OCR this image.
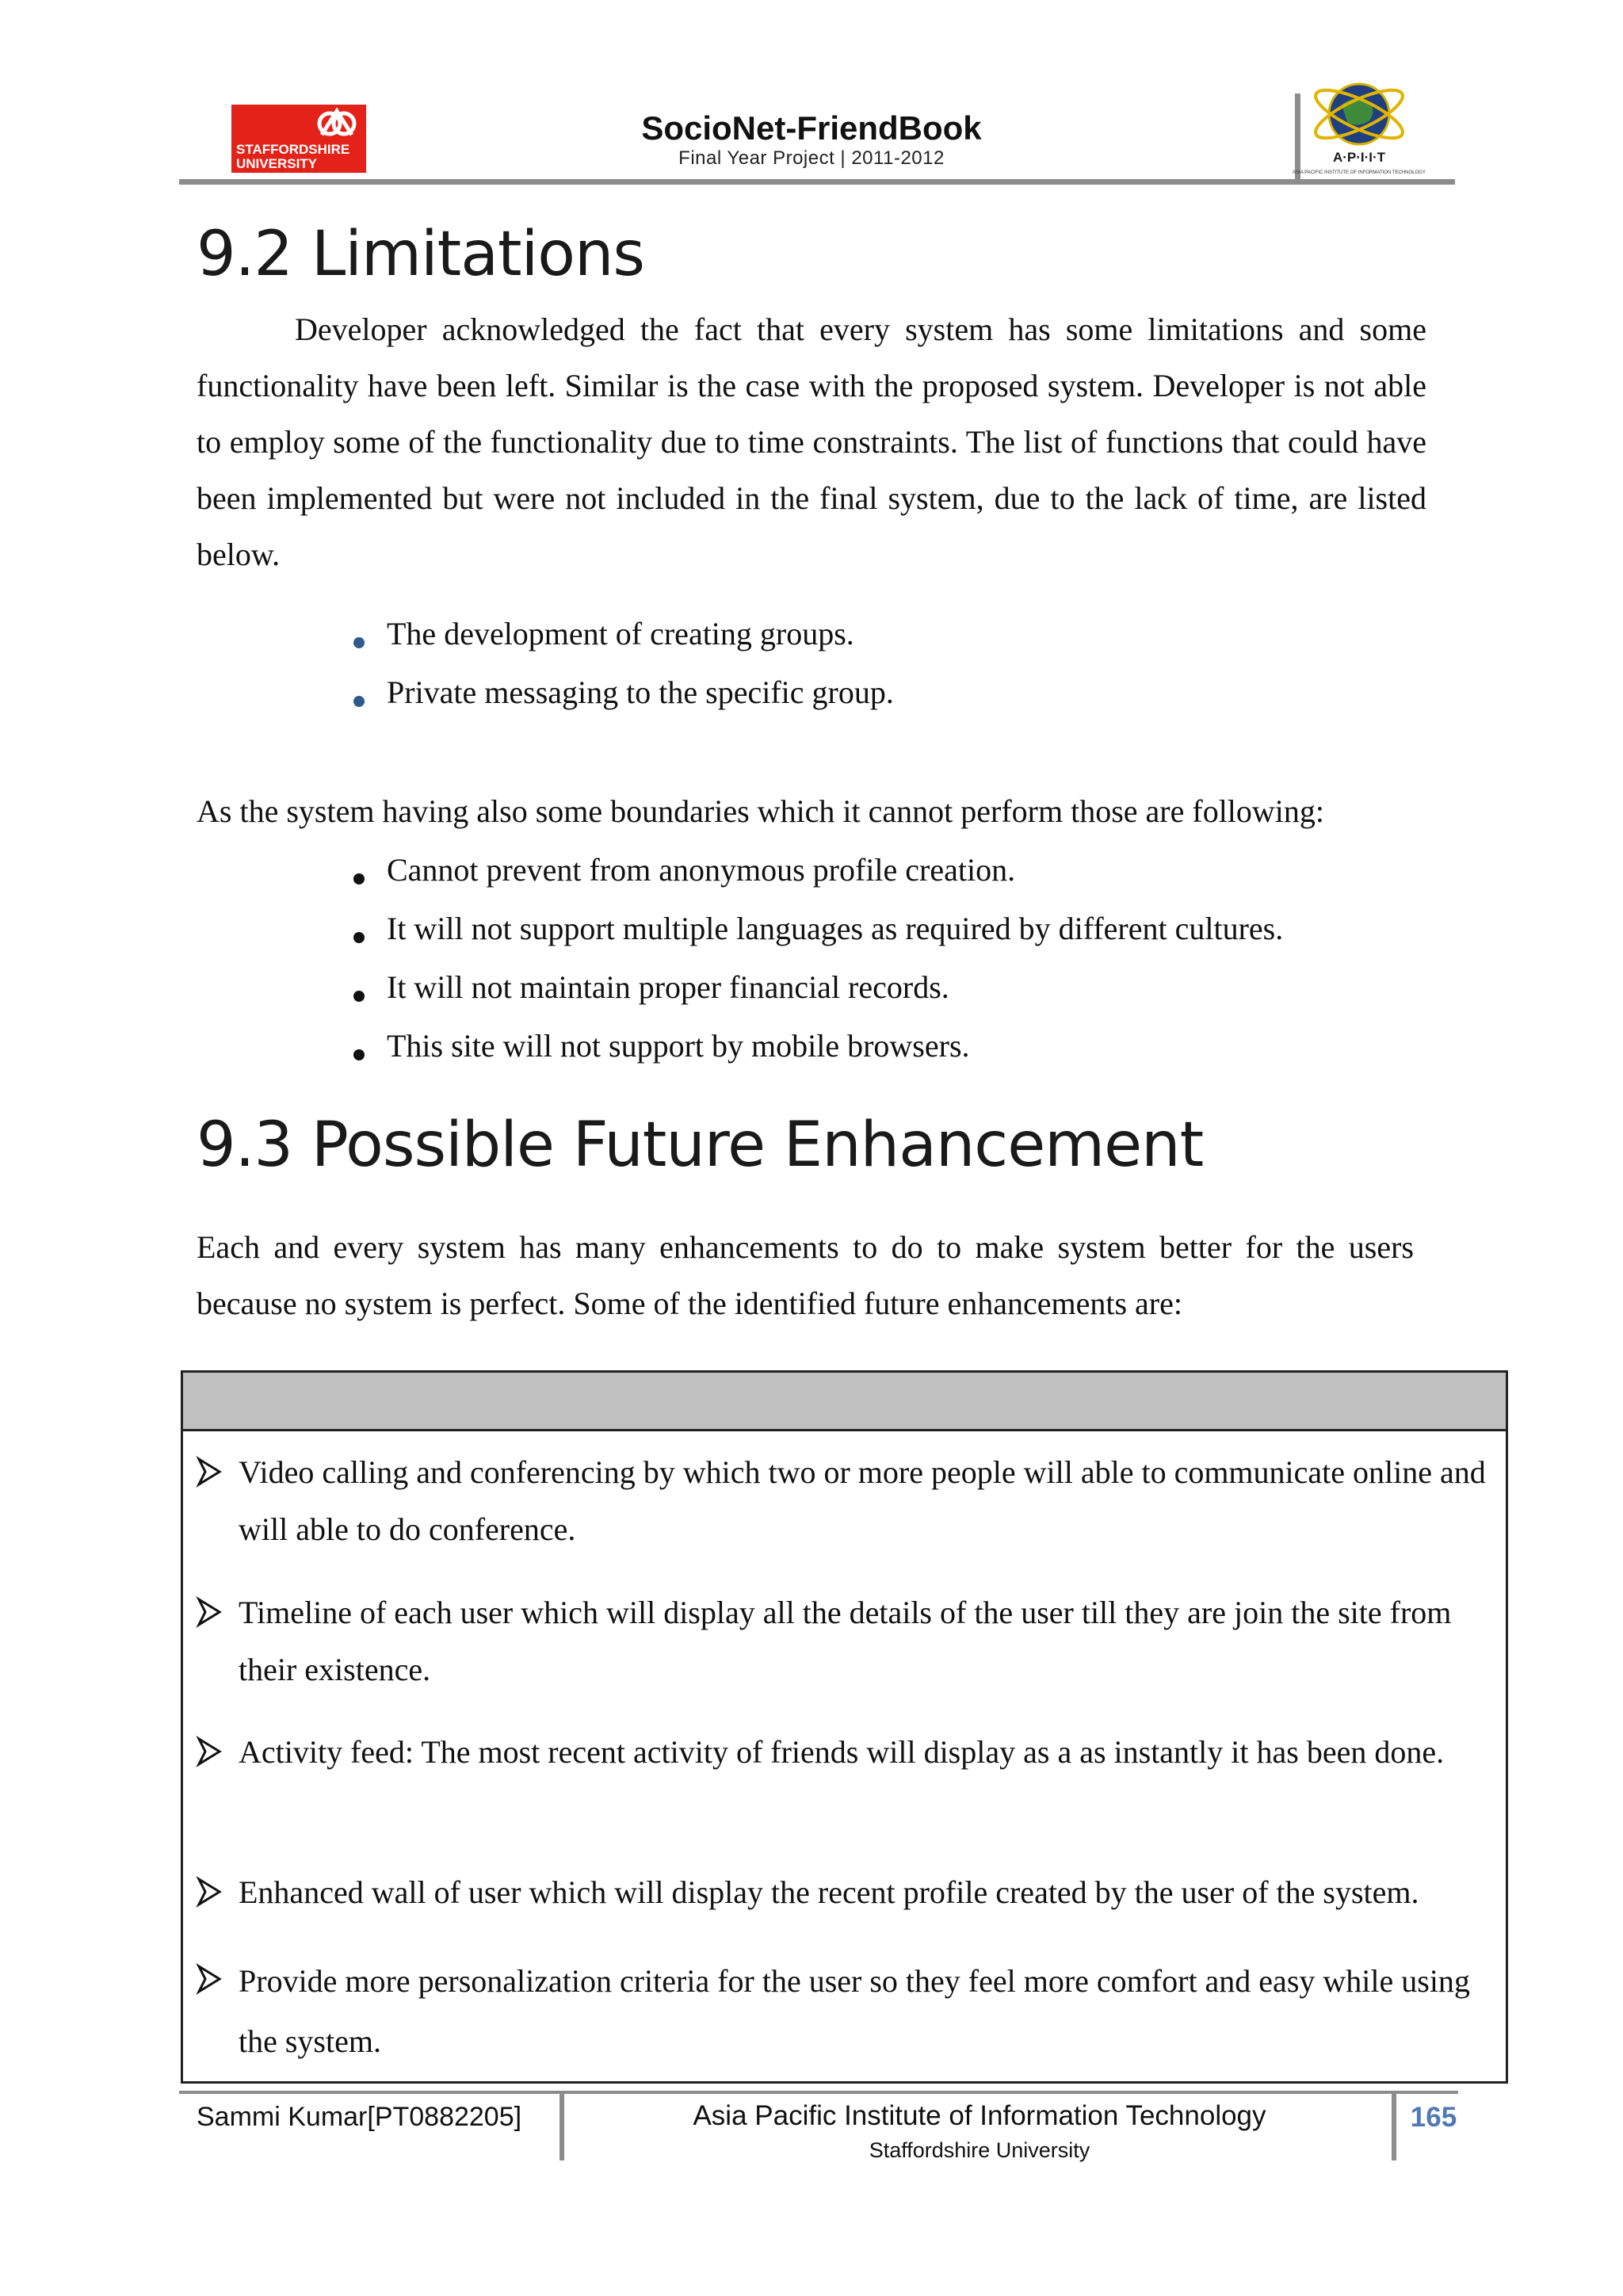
STAFFORDSHIRE
UNIVERSITY
SocioNet-FriendBook
Final Year Project | 2011-2012	A·P·I·I·T
ASIA PACIFIC INSTITUTE OF INFORMATION TECHNOLOGY
9.2 Limitations
Developer acknowledged the fact that every system has some limitations and some functionality have been left. Similar is the case with the proposed system. Developer is not able to employ some of the functionality due to time constraints. The list of functions that could have been implemented but were not included in the final system, due to the lack of time, are listed below.
The development of creating groups.
Private messaging to the specific group.
As the system having also some boundaries which it cannot perform those are following:
Cannot prevent from anonymous profile creation.
It will not support multiple languages as required by different cultures.
It will not maintain proper financial records.
This site will not support by mobile browsers.
9.3 Possible Future Enhancement
Each and every system has many enhancements to do to make system better for the users because no system is perfect. Some of the identified future enhancements are:
Video calling and conferencing by which two or more people will able to communicate online and will able to do conference.
Timeline of each user which will display all the details of the user till they are join the site from their existence.
Activity feed: The most recent activity of friends will display as a as instantly it has been done.
Enhanced wall of user which will display the recent profile created by the user of the system.
Provide more personalization criteria for the user so they feel more comfort and easy while using the system.
Sammi Kumar[PT0882205]	Asia Pacific Institute of Information Technology
Staffordshire University
165
